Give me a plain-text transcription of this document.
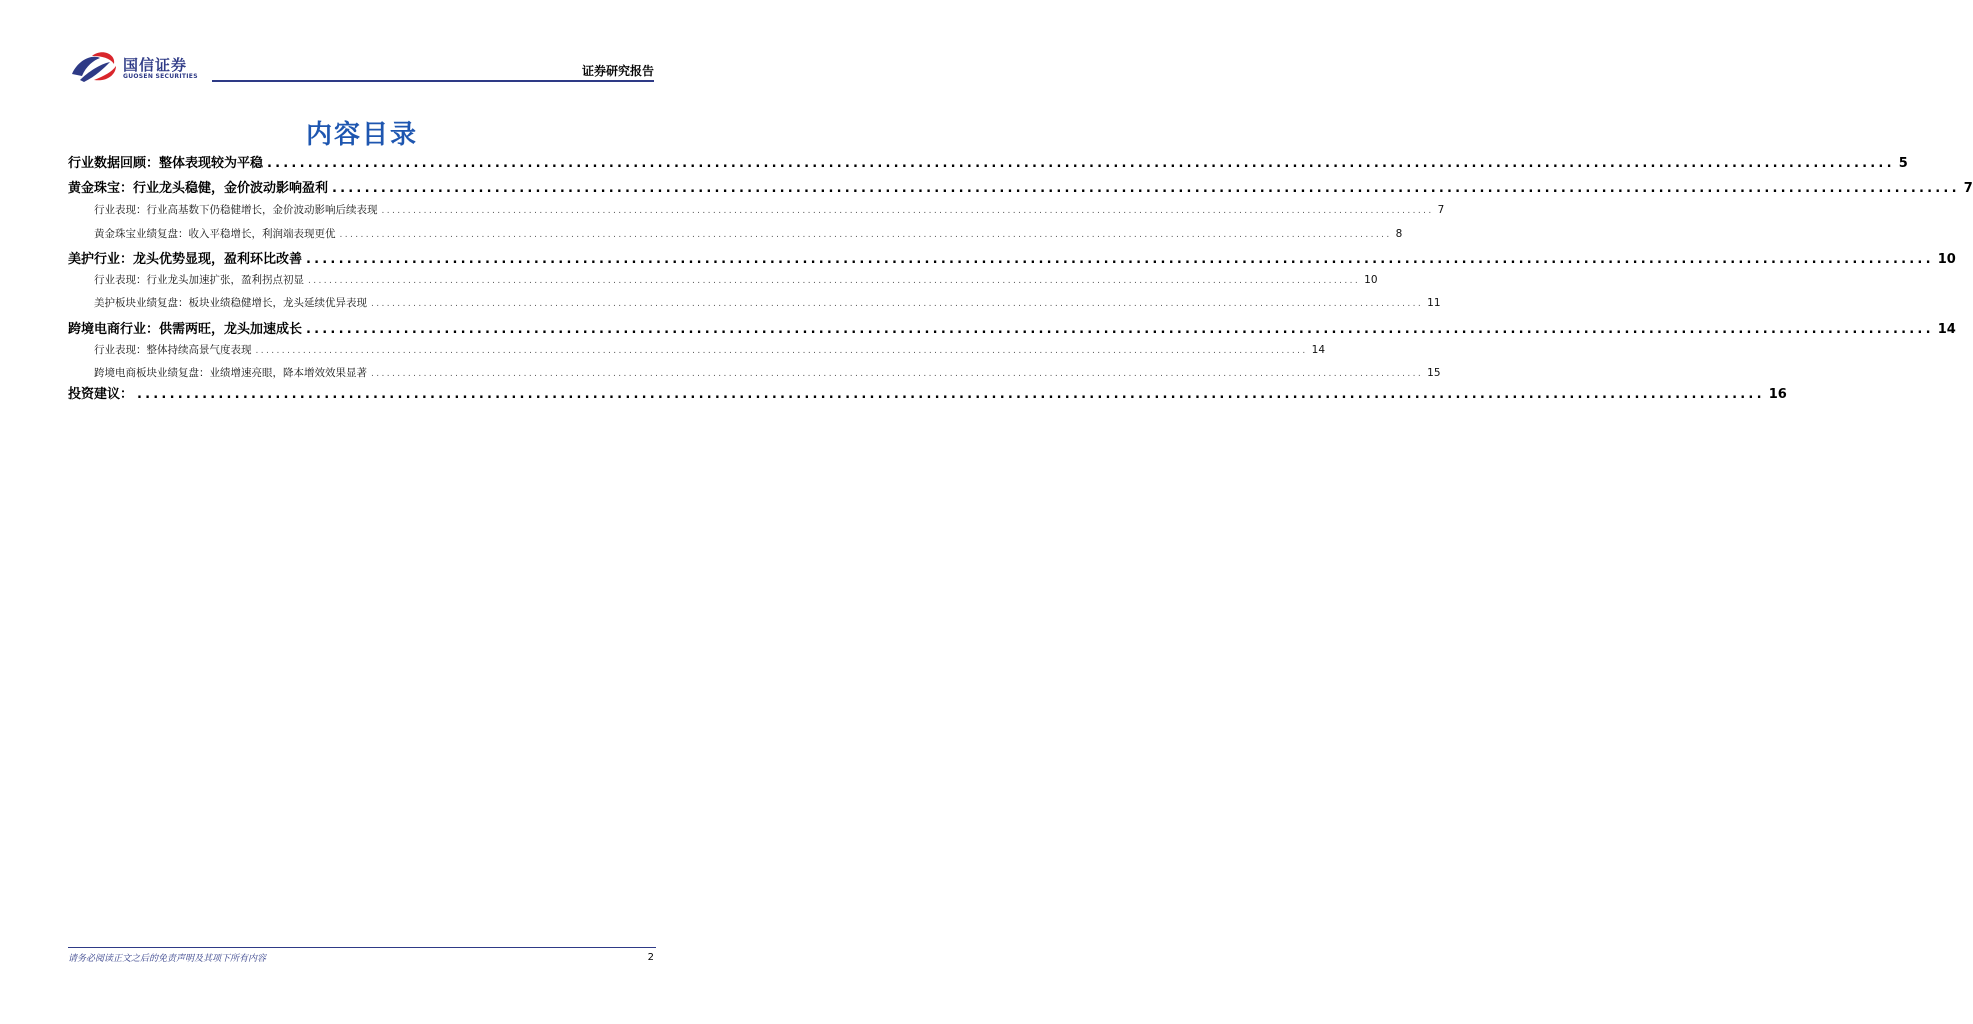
国信证券
GUOSEN SECURITIES	证券研究报告
内容目录
行业数据回顾：整体表现较为平稳 ........................................................................................................................................................................................................ 5
黄金珠宝：行业龙头稳健，金价波动影响盈利 ........................................................................................................................................................................................................ 7
行业表现：行业高基数下仍稳健增长，金价波动影响后续表现 ........................................................................................................................................................................................................ 7
黄金珠宝业绩复盘：收入平稳增长，利润端表现更优 ........................................................................................................................................................................................................ 8
美护行业：龙头优势显现，盈利环比改善 ........................................................................................................................................................................................................ 10
行业表现：行业龙头加速扩张，盈利拐点初显 ........................................................................................................................................................................................................ 10
美护板块业绩复盘：板块业绩稳健增长，龙头延续优异表现 ........................................................................................................................................................................................................ 11
跨境电商行业：供需两旺，龙头加速成长 ........................................................................................................................................................................................................ 14
行业表现：整体持续高景气度表现 ........................................................................................................................................................................................................ 14
跨境电商板块业绩复盘：业绩增速亮眼，降本增效效果显著 ........................................................................................................................................................................................................ 15
投资建议： ........................................................................................................................................................................................................ 16
请务必阅读正文之后的免责声明及其项下所有内容	2
